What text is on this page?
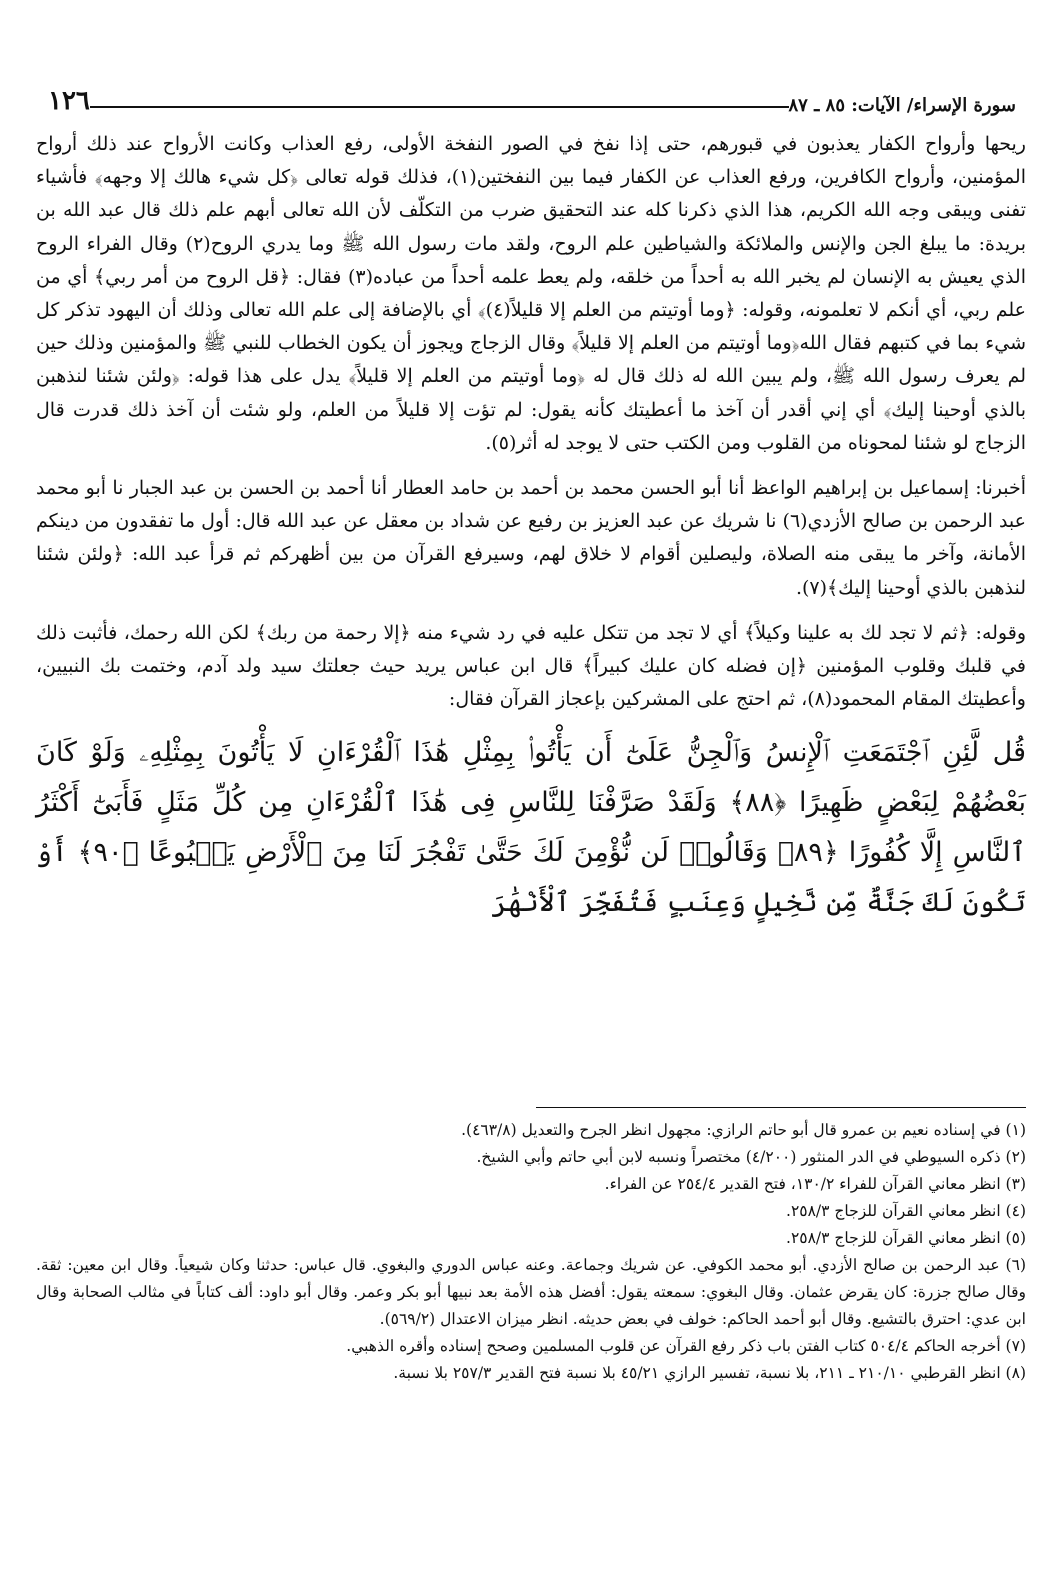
سورة الإسراء/ الآيات: ٨٥ ـ ٨٧
١٢٦

ريحها وأرواح الكفار يعذبون في قبورهم، حتى إذا نفخ في الصور النفخة الأولى، رفع العذاب وكانت الأرواح عند ذلك أرواح المؤمنين، وأرواح الكافرين، ورفع العذاب عن الكفار فيما بين النفختين(١)، فذلك قوله تعالى ﴿كل شيء هالك إلا وجهه﴾ فأشياء تفنى ويبقى وجه الله الكريم، هذا الذي ذكرنا كله عند التحقيق ضرب من التكلّف لأن الله تعالى أبهم علم ذلك قال عبد الله بن بريدة: ما يبلغ الجن والإنس والملائكة والشياطين علم الروح، ولقد مات رسول الله ﷺ وما يدري الروح(٢) وقال الفراء الروح الذي يعيش به الإنسان لم يخبر الله به أحداً من خلقه، ولم يعط علمه أحداً من عباده(٣) فقال: ﴿قل الروح من أمر ربي﴾ أي من علم ربي، أي أنكم لا تعلمونه، وقوله: ﴿وما أوتيتم من العلم إلا قليلاً(٤)﴾ أي بالإضافة إلى علم الله تعالى وذلك أن اليهود تذكر كل شيء بما في كتبهم فقال الله﴿وما أوتيتم من العلم إلا قليلاً﴾ وقال الزجاج ويجوز أن يكون الخطاب للنبي ﷺ والمؤمنين وذلك حين لم يعرف رسول الله ﷺ، ولم يبين الله له ذلك قال له ﴿وما أوتيتم من العلم إلا قليلاً﴾ يدل على هذا قوله: ﴿ولئن شئنا لنذهبن بالذي أوحينا إليك﴾ أي إني أقدر أن آخذ ما أعطيتك كأنه يقول: لم تؤت إلا قليلاً من العلم، ولو شئت أن آخذ ذلك قدرت قال الزجاج لو شئنا لمحوناه من القلوب ومن الكتب حتى لا يوجد له أثر(٥).

أخبرنا: إسماعيل بن إبراهيم الواعظ أنا أبو الحسن محمد بن أحمد بن حامد العطار أنا أحمد بن الحسن بن عبد الجبار نا أبو محمد عبد الرحمن بن صالح الأزدي(٦) نا شريك عن عبد العزيز بن رفيع عن شداد بن معقل عن عبد الله قال: أول ما تفقدون من دينكم الأمانة، وآخر ما يبقى منه الصلاة، وليصلين أقوام لا خلاق لهم، وسيرفع القرآن من بين أظهركم ثم قرأ عبد الله: ﴿ولئن شئنا لنذهبن بالذي أوحينا إليك﴾(٧).

وقوله: ﴿ثم لا تجد لك به علينا وكيلاً﴾ أي لا تجد من تتكل عليه في رد شيء منه ﴿إلا رحمة من ربك﴾ لكن الله رحمك، فأثبت ذلك في قلبك وقلوب المؤمنين ﴿إن فضله كان عليك كبيراً﴾ قال ابن عباس يريد حيث جعلتك سيد ولد آدم، وختمت بك النبيين، وأعطيتك المقام المحمود(٨)، ثم احتج على المشركين بإعجاز القرآن فقال:

قُل لَّئِنِ ٱجْتَمَعَتِ ٱلْإِنسُ وَٱلْجِنُّ عَلَىٰٓ أَن يَأْتُوا۟ بِمِثْلِ هَٰذَا ٱلْقُرْءَانِ لَا يَأْتُونَ بِمِثْلِهِۦ وَلَوْ كَانَ بَعْضُهُمْ لِبَعْضٍ ظَهِيرًا ﴿٨٨﴾ وَلَقَدْ صَرَّفْنَا لِلنَّاسِ فِى هَٰذَا ٱلْقُرْءَانِ مِن كُلِّ مَثَلٍ فَأَبَىٰٓ أَكْثَرُ ٱلنَّاسِ إِلَّا كُفُورًا ﴿٨٩﴾ وَقَالُوا۟ لَن نُّؤْمِنَ لَكَ حَتَّىٰ تَفْجُرَ لَنَا مِنَ ٱلْأَرْضِ يَنۢبُوعًا ﴿٩٠﴾ أَوْ تَكُونَ لَكَ جَنَّةٌ مِّن نَّخِيلٍ وَعِنَبٍ فَتُفَجِّرَ ٱلْأَنْهَٰرَ

(١) في إسناده نعيم بن عمرو قال أبو حاتم الرازي: مجهول انظر الجرح والتعديل (٤٦٣/٨).

(٢) ذكره السيوطي في الدر المنثور (٤/٢٠٠) مختصراً ونسبه لابن أبي حاتم وأبي الشيخ.

(٣) انظر معاني القرآن للفراء ١٣٠/٢، فتح القدير ٢٥٤/٤ عن الفراء.

(٤) انظر معاني القرآن للزجاج ٢٥٨/٣.

(٥) انظر معاني القرآن للزجاج ٢٥٨/٣.

(٦) عبد الرحمن بن صالح الأزدي. أبو محمد الكوفي. عن شريك وجماعة. وعنه عباس الدوري والبغوي. قال عباس: حدثنا وكان شيعياً. وقال ابن معين: ثقة. وقال صالح جزرة: كان يقرض عثمان. وقال البغوي: سمعته يقول: أفضل هذه الأمة بعد نبيها أبو بكر وعمر. وقال أبو داود: ألف كتاباً في مثالب الصحابة وقال ابن عدي: احترق بالتشيع. وقال أبو أحمد الحاكم: خولف في بعض حديثه. انظر ميزان الاعتدال (٥٦٩/٢).

(٧) أخرجه الحاكم ٥٠٤/٤ كتاب الفتن باب ذكر رفع القرآن عن قلوب المسلمين وصحح إسناده وأقره الذهبي.

(٨) انظر القرطبي ٢١٠/١٠ ـ ٢١١، بلا نسبة، تفسير الرازي ٤٥/٢١ بلا نسبة فتح القدير ٢٥٧/٣ بلا نسبة.
